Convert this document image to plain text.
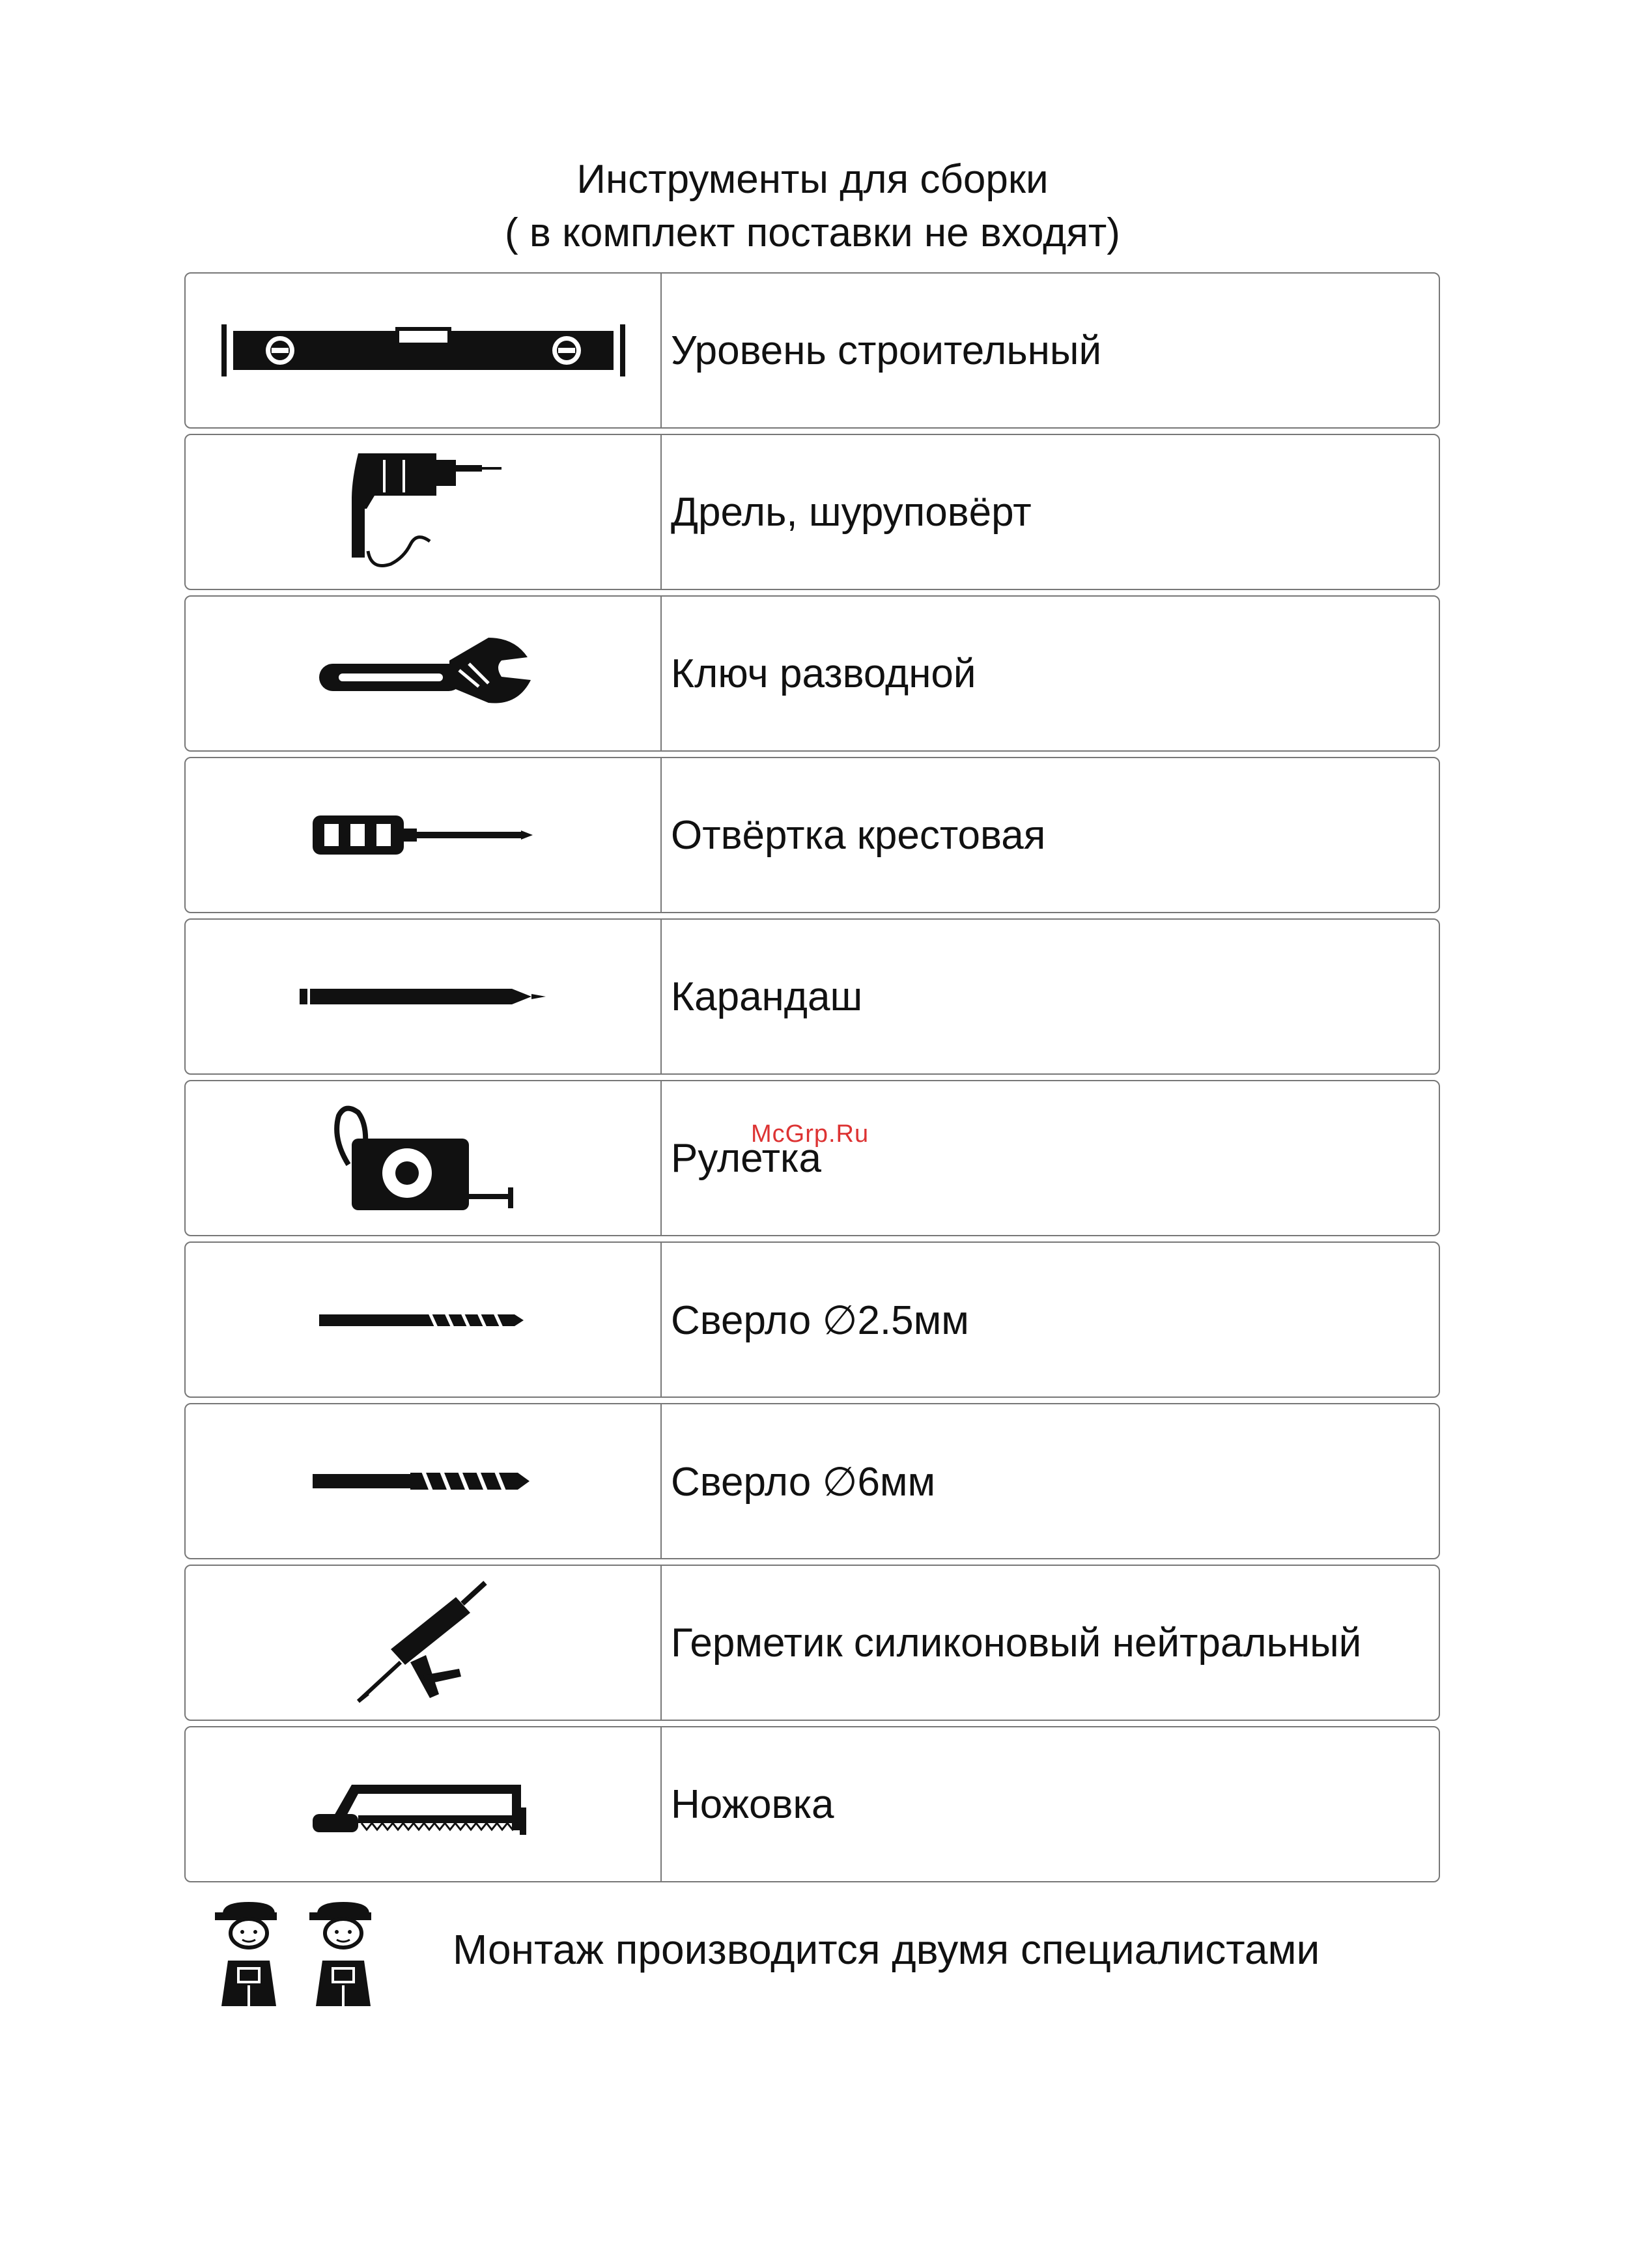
Инструменты для сборки
( в комплект поставки не входят)
Уровень строительный
Дрель, шуруповёрт
Ключ разводной
Отвёртка крестовая
Карандаш
Рулетка
Сверло ∅2.5мм
Сверло ∅6мм
Герметик силиконовый нейтральный
Ножовка
Монтаж производится двумя специалистами
McGrp.Ru
